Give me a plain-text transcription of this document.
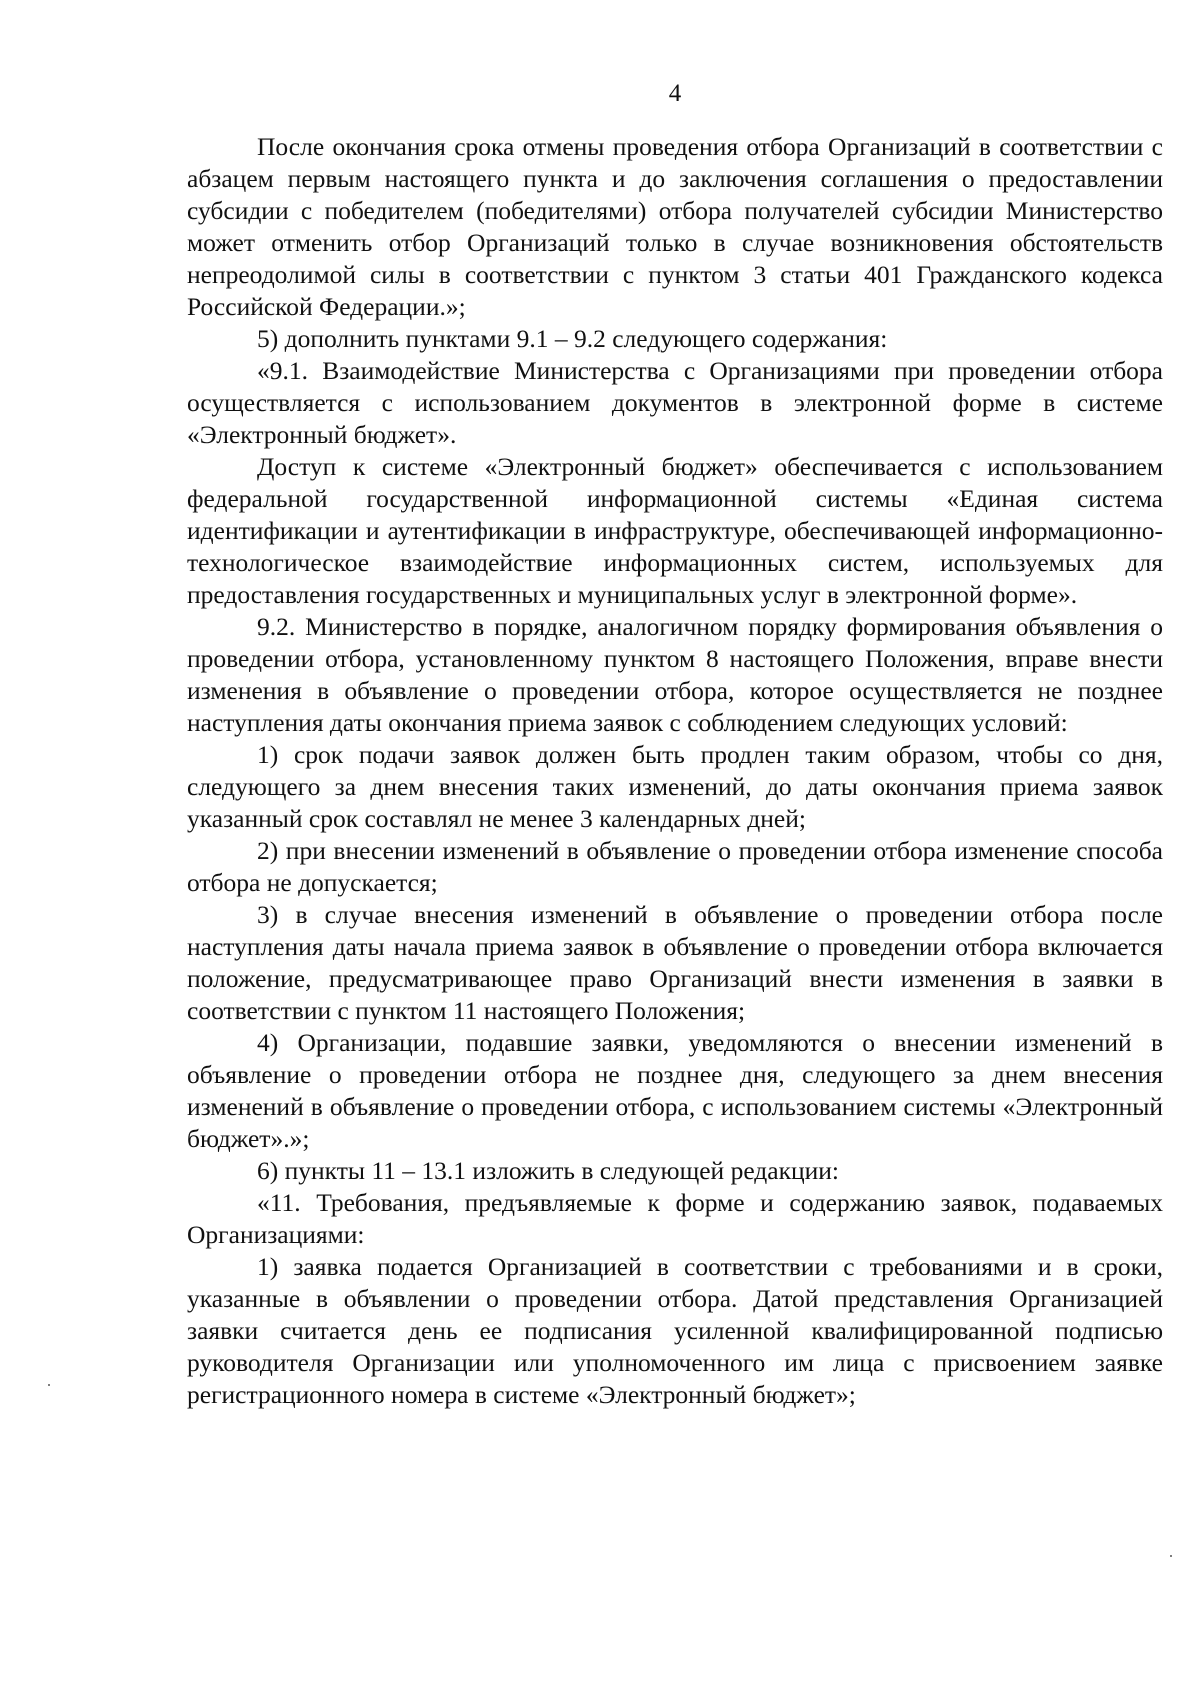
4

После окончания срока отмены проведения отбора Организаций в соответствии с абзацем первым настоящего пункта и до заключения соглашения о предоставлении субсидии с победителем (победителями) отбора получателей субсидии Министерство может отменить отбор Организаций только в случае возникновения обстоятельств непреодолимой силы в соответствии с пунктом 3 статьи 401 Гражданского кодекса Российской Федерации.»;

5) дополнить пунктами 9.1 – 9.2 следующего содержания:

«9.1. Взаимодействие Министерства с Организациями при проведении отбора осуществляется с использованием документов в электронной форме в системе «Электронный бюджет».

Доступ к системе «Электронный бюджет» обеспечивается с использованием федеральной государственной информационной системы «Единая система идентификации и аутентификации в инфраструктуре, обеспечивающей информационно-технологическое взаимодействие информационных систем, используемых для предоставления государственных и муниципальных услуг в электронной форме».

9.2. Министерство в порядке, аналогичном порядку формирования объявления о проведении отбора, установленному пунктом 8 настоящего Положения, вправе внести изменения в объявление о проведении отбора, которое осуществляется не позднее наступления даты окончания приема заявок с соблюдением следующих условий:

1) срок подачи заявок должен быть продлен таким образом, чтобы со дня, следующего за днем внесения таких изменений, до даты окончания приема заявок указанный срок составлял не менее 3 календарных дней;

2) при внесении изменений в объявление о проведении отбора изменение способа отбора не допускается;

3) в случае внесения изменений в объявление о проведении отбора после наступления даты начала приема заявок в объявление о проведении отбора включается положение, предусматривающее право Организаций внести изменения в заявки в соответствии с пунктом 11 настоящего Положения;

4) Организации, подавшие заявки, уведомляются о внесении изменений в объявление о проведении отбора не позднее дня, следующего за днем внесения изменений в объявление о проведении отбора, с использованием системы «Электронный бюджет».»;

6) пункты 11 – 13.1 изложить в следующей редакции:

«11. Требования, предъявляемые к форме и содержанию заявок, подаваемых Организациями:

1) заявка подается Организацией в соответствии с требованиями и в сроки, указанные в объявлении о проведении отбора. Датой представления Организацией заявки считается день ее подписания усиленной квалифицированной подписью руководителя Организации или уполномоченного им лица с присвоением заявке регистрационного номера в системе «Электронный бюджет»;
